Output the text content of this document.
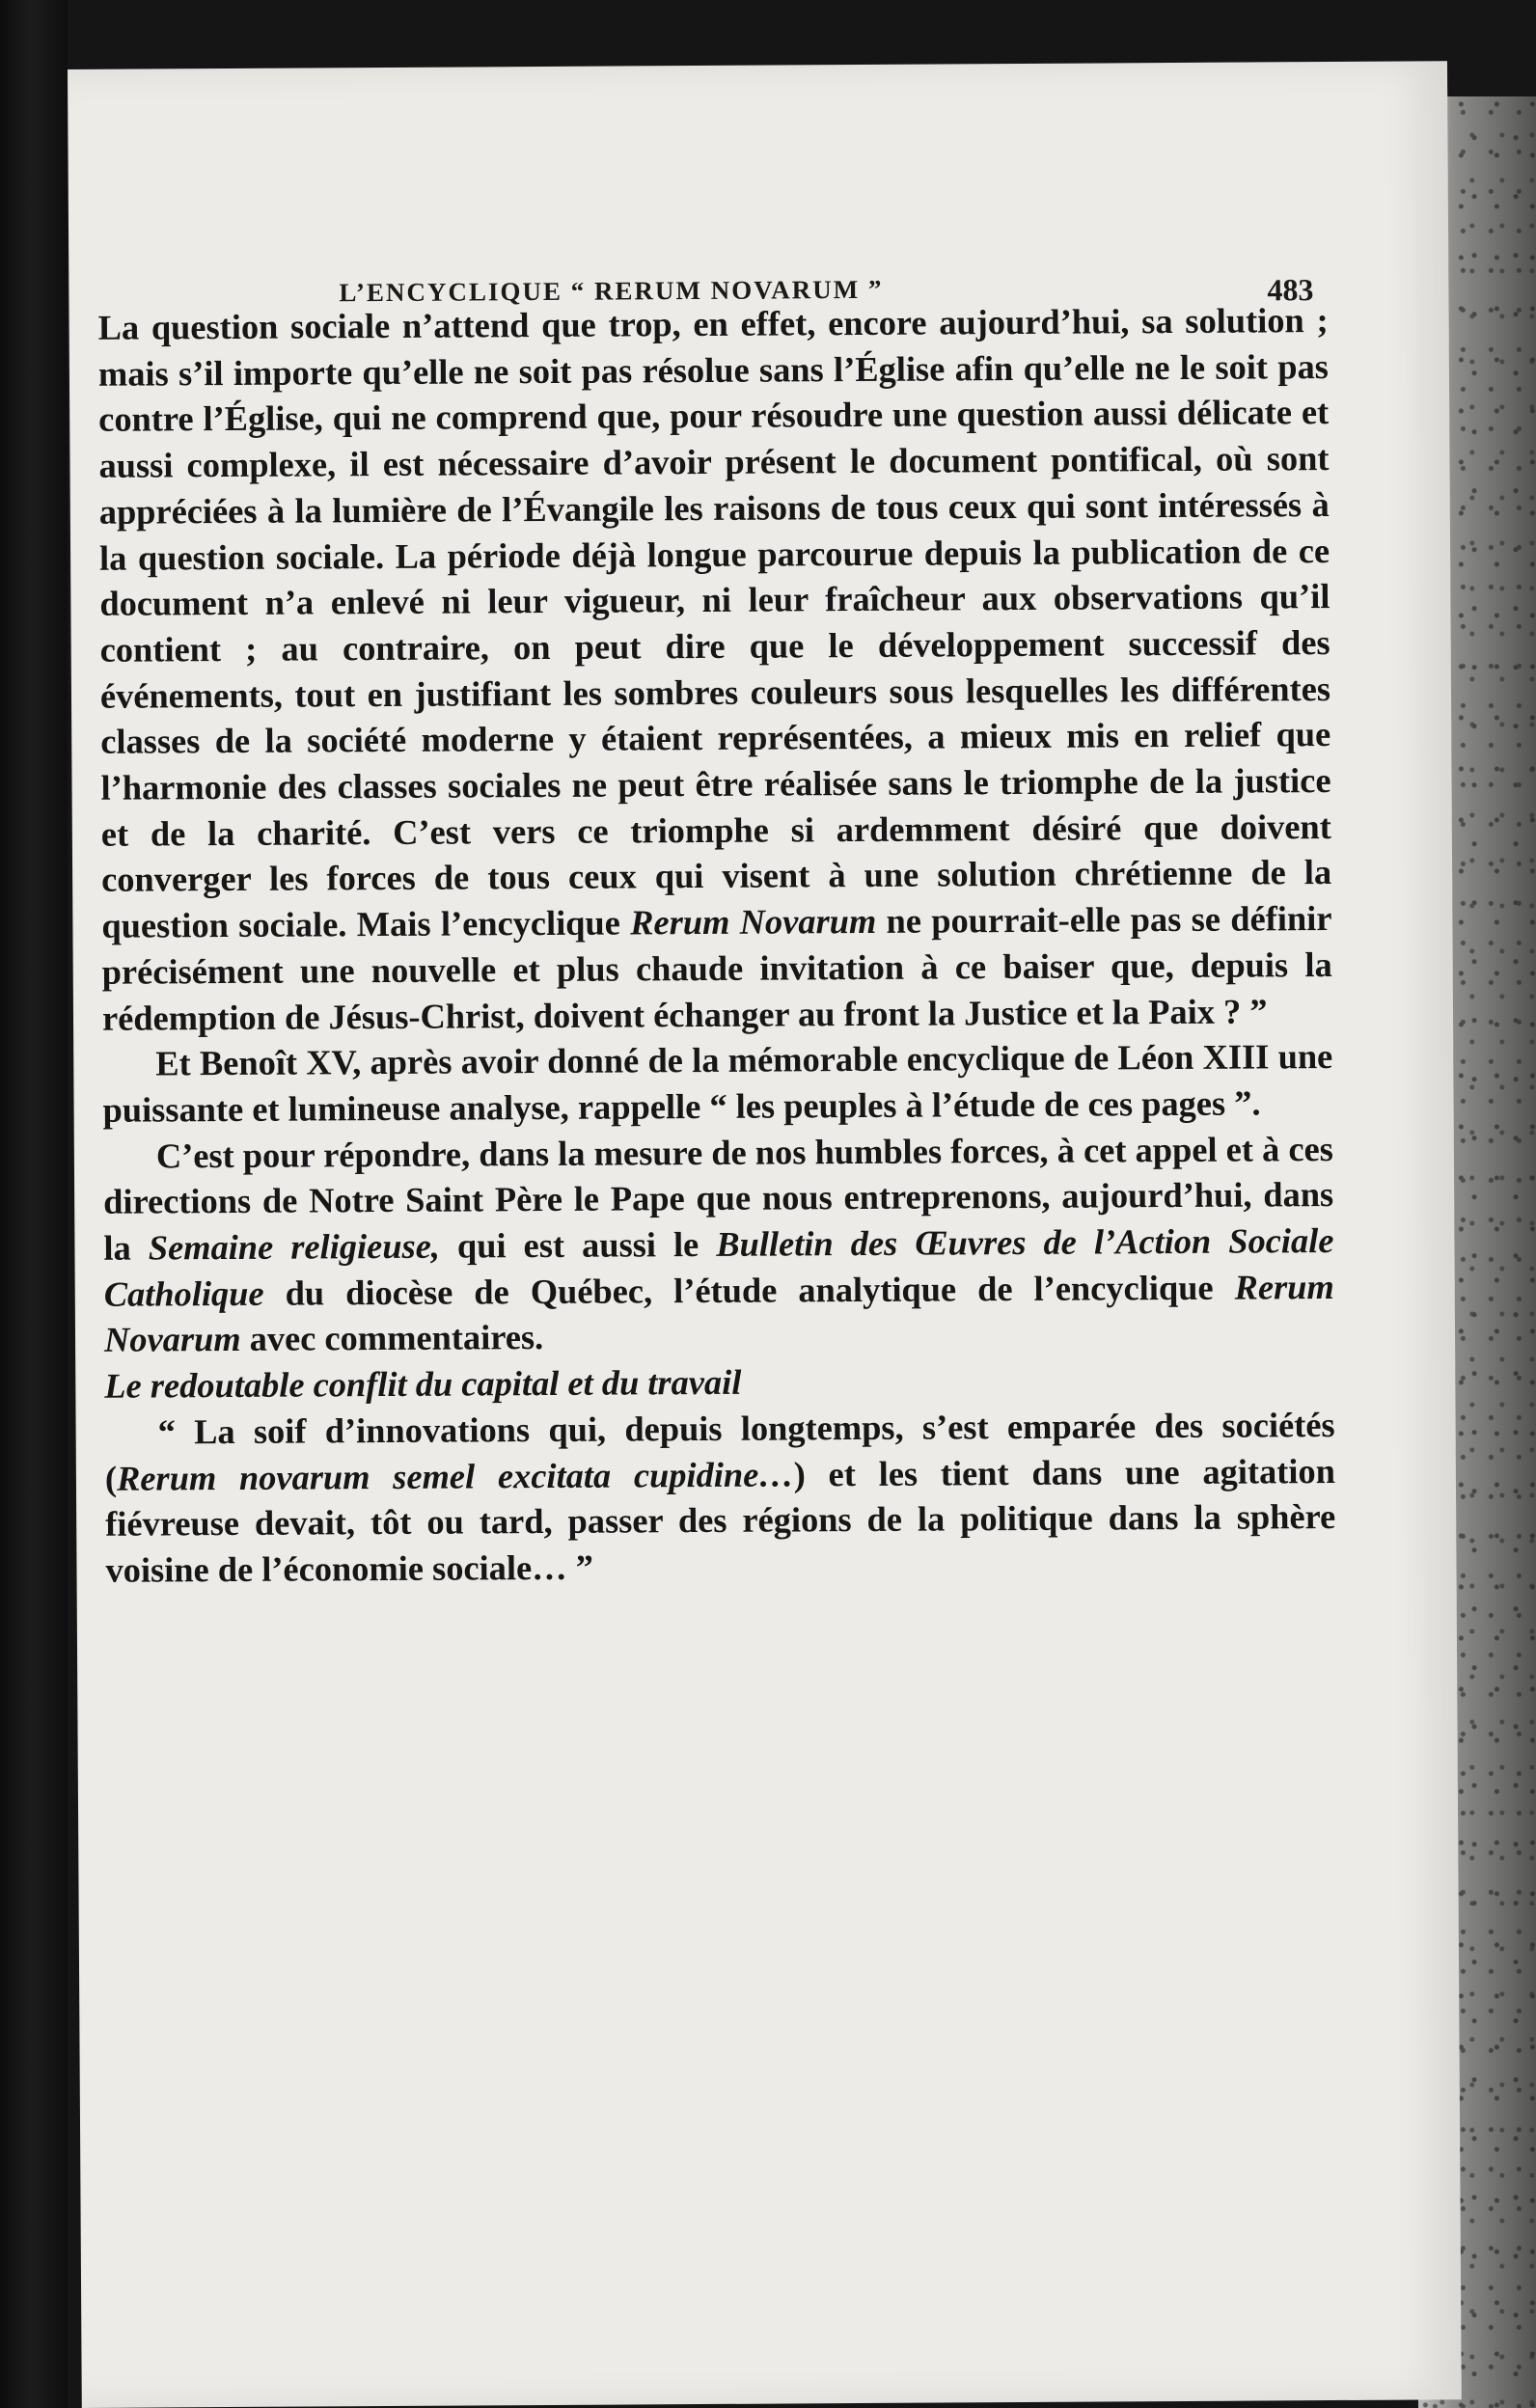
L’ENCYCLIQUE “ RERUM NOVARUM ”	483

La question sociale n’attend que trop, en effet, encore aujourd’hui, sa solution ; mais s’il importe qu’elle ne soit pas résolue sans l’Église afin qu’elle ne le soit pas contre l’Église, qui ne comprend que, pour résoudre une question aussi délicate et aussi complexe, il est nécessaire d’avoir présent le document pontifical, où sont appréciées à la lumière de l’Évangile les raisons de tous ceux qui sont intéressés à la question sociale. La période déjà longue parcourue depuis la publication de ce document n’a enlevé ni leur vigueur, ni leur fraîcheur aux observations qu’il contient ; au contraire, on peut dire que le développement successif des événements, tout en justifiant les sombres couleurs sous lesquelles les différentes classes de la société moderne y étaient représentées, a mieux mis en relief que l’harmonie des classes sociales ne peut être réalisée sans le triomphe de la justice et de la charité. C’est vers ce triomphe si ardemment désiré que doivent converger les forces de tous ceux qui visent à une solution chrétienne de la question sociale. Mais l’encyclique Rerum Novarum ne pourrait-elle pas se définir précisément une nouvelle et plus chaude invitation à ce baiser que, depuis la rédemption de Jésus-Christ, doivent échanger au front la Justice et la Paix ? ”

Et Benoît XV, après avoir donné de la mémorable encyclique de Léon XIII une puissante et lumineuse analyse, rappelle “ les peuples à l’étude de ces pages ”.

C’est pour répondre, dans la mesure de nos humbles forces, à cet appel et à ces directions de Notre Saint Père le Pape que nous entreprenons, aujourd’hui, dans la Semaine religieuse, qui est aussi le Bulletin des Œuvres de l’Action Sociale Catholique du diocèse de Québec, l’étude analytique de l’encyclique Rerum Novarum avec commentaires.

Le redoutable conflit du capital et du travail

“ La soif d’innovations qui, depuis longtemps, s’est emparée des sociétés (Rerum novarum semel excitata cupidine…) et les tient dans une agitation fiévreuse devait, tôt ou tard, passer des régions de la politique dans la sphère voisine de l’économie sociale… ”
